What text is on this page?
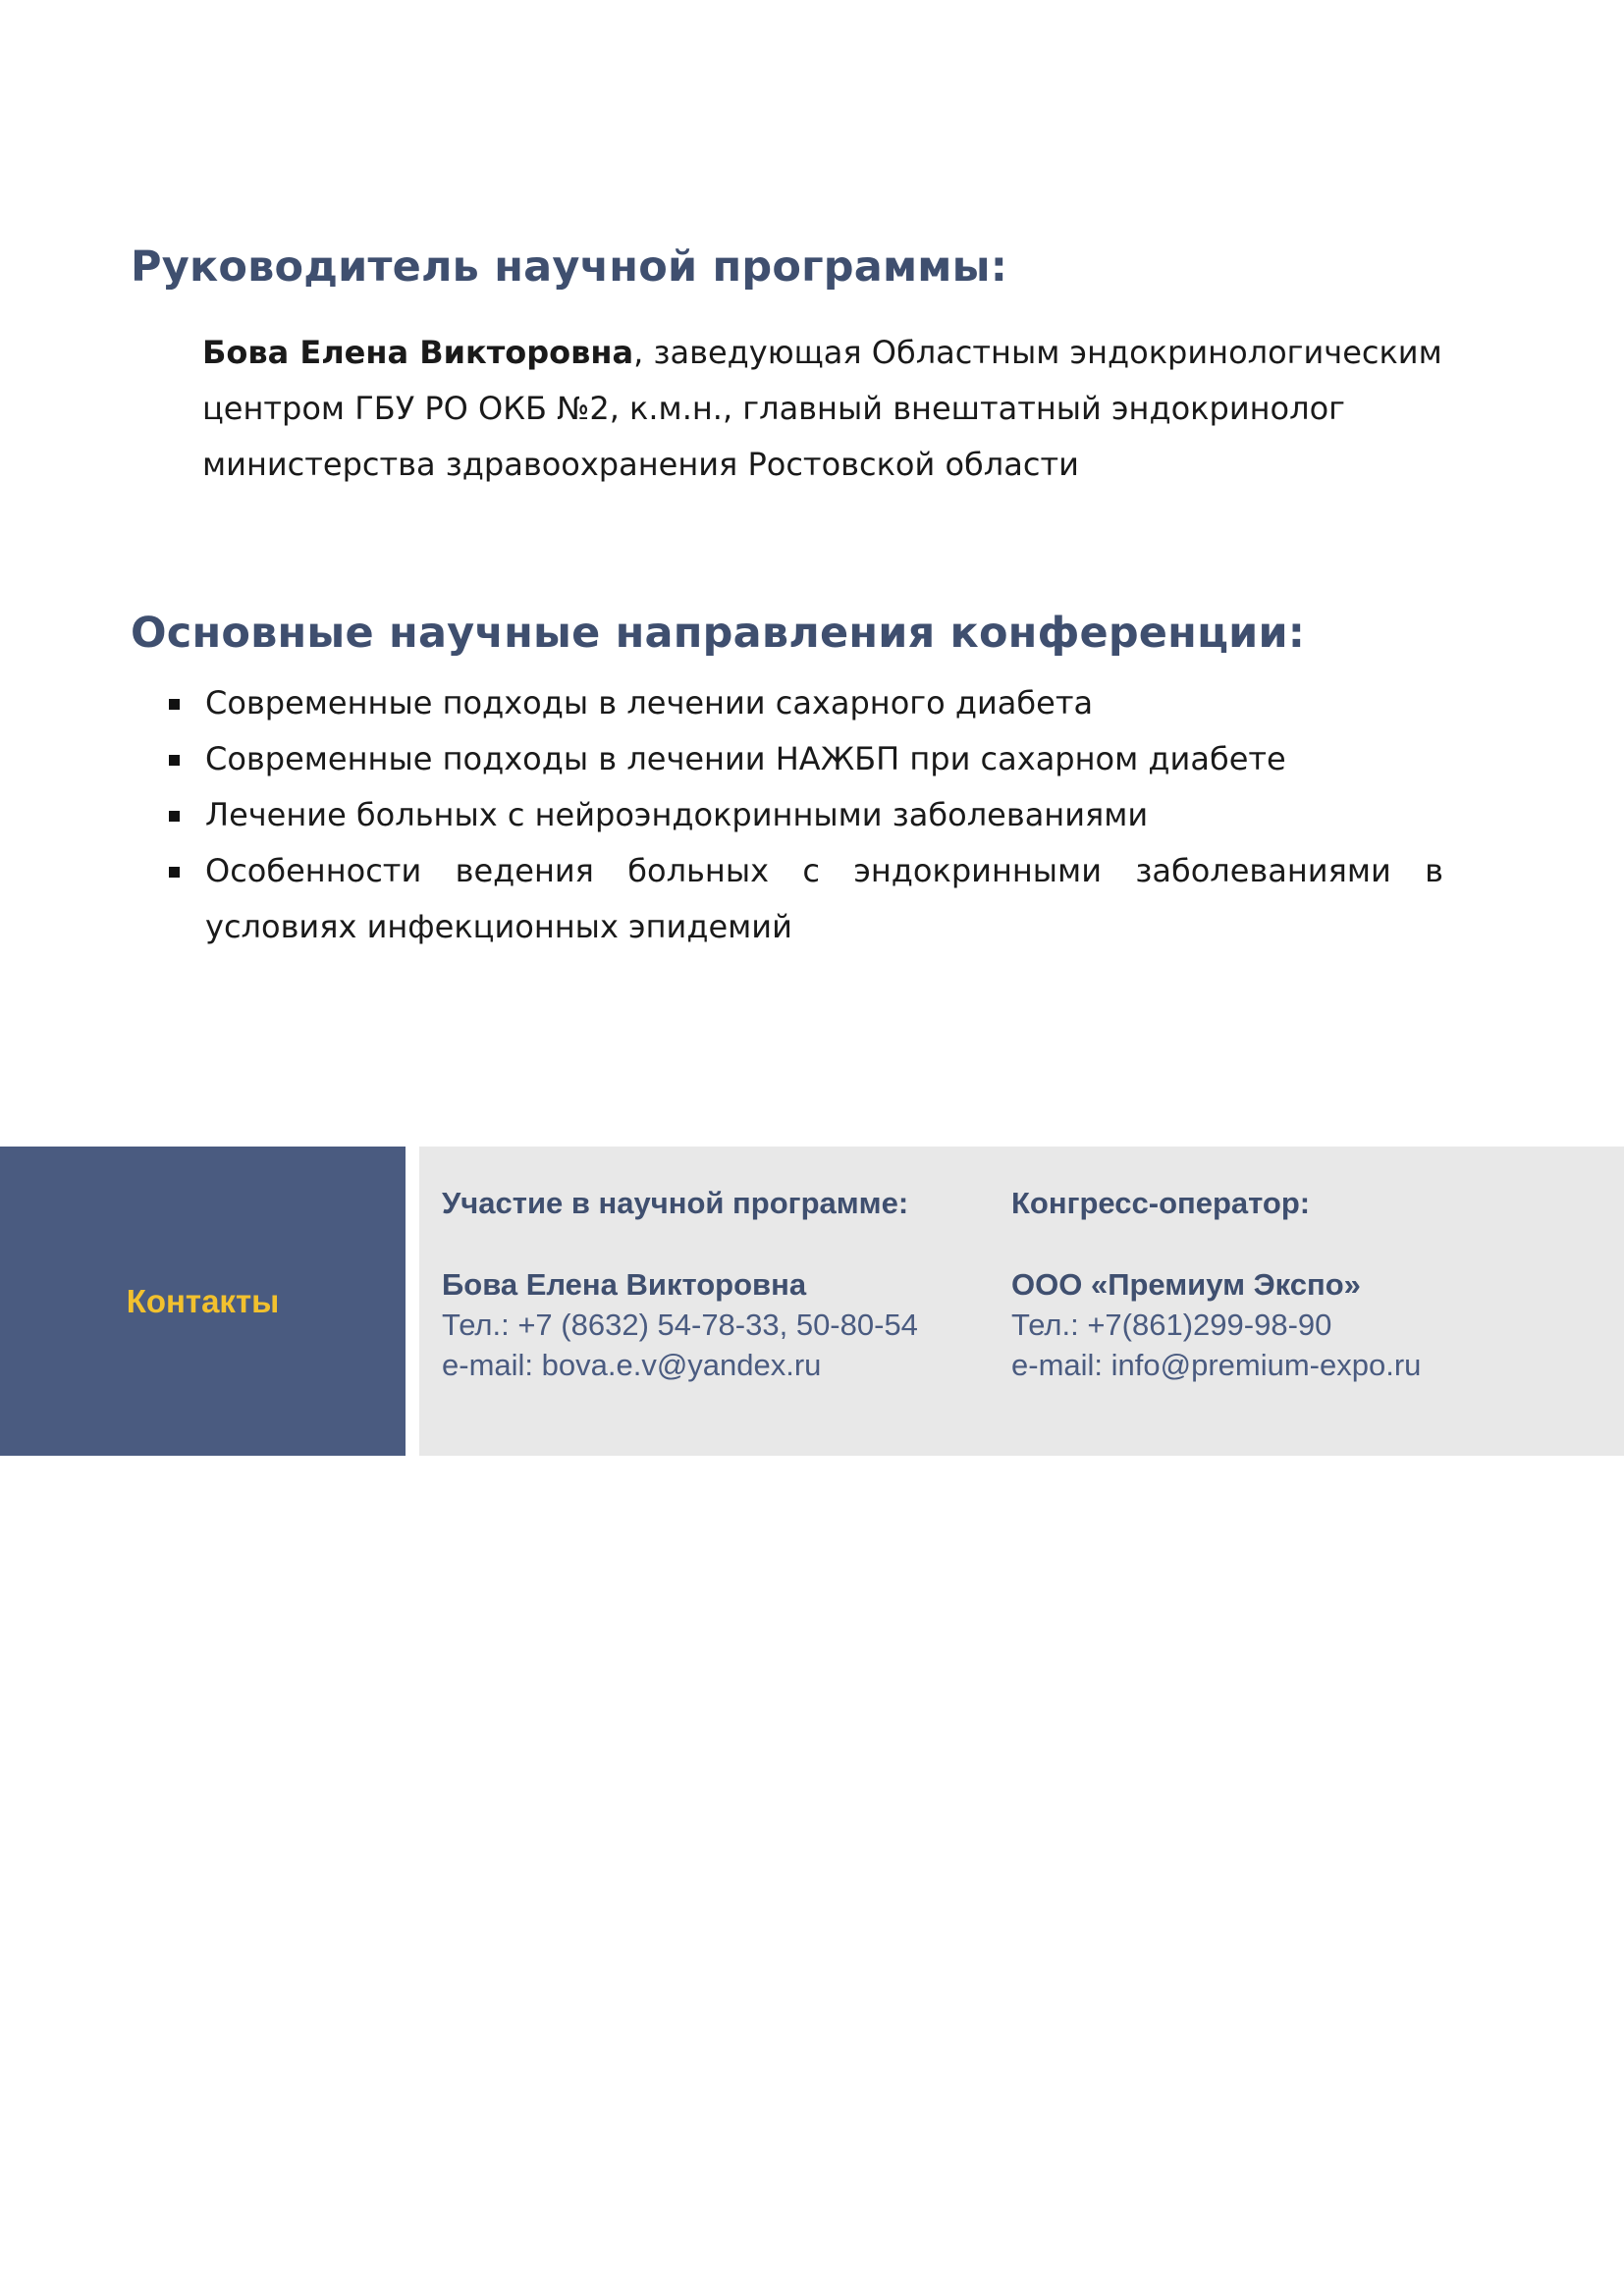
Руководитель научной программы:

Бова Елена Викторовна, заведующая Областным эндокринологическим центром ГБУ РО ОКБ №2, к.м.н., главный внештатный эндокринолог министерства здравоохранения Ростовской области

Основные научные направления конференции:
Современные подходы в лечении сахарного диабета
Современные подходы в лечении НАЖБП при сахарном диабете
Лечение больных с нейроэндокринными заболеваниями
Особенности ведения больных с эндокринными заболеваниями в условиях инфекционных эпидемий
Контакты
Участие в научной программе:
Бова Елена Викторовна
Тел.: +7 (8632) 54-78-33, 50-80-54
e-mail: bova.e.v@yandex.ru
Конгресс-оператор:
ООО «Премиум Экспо»
Тел.: +7(861)299-98-90
e-mail: info@premium-expo.ru
